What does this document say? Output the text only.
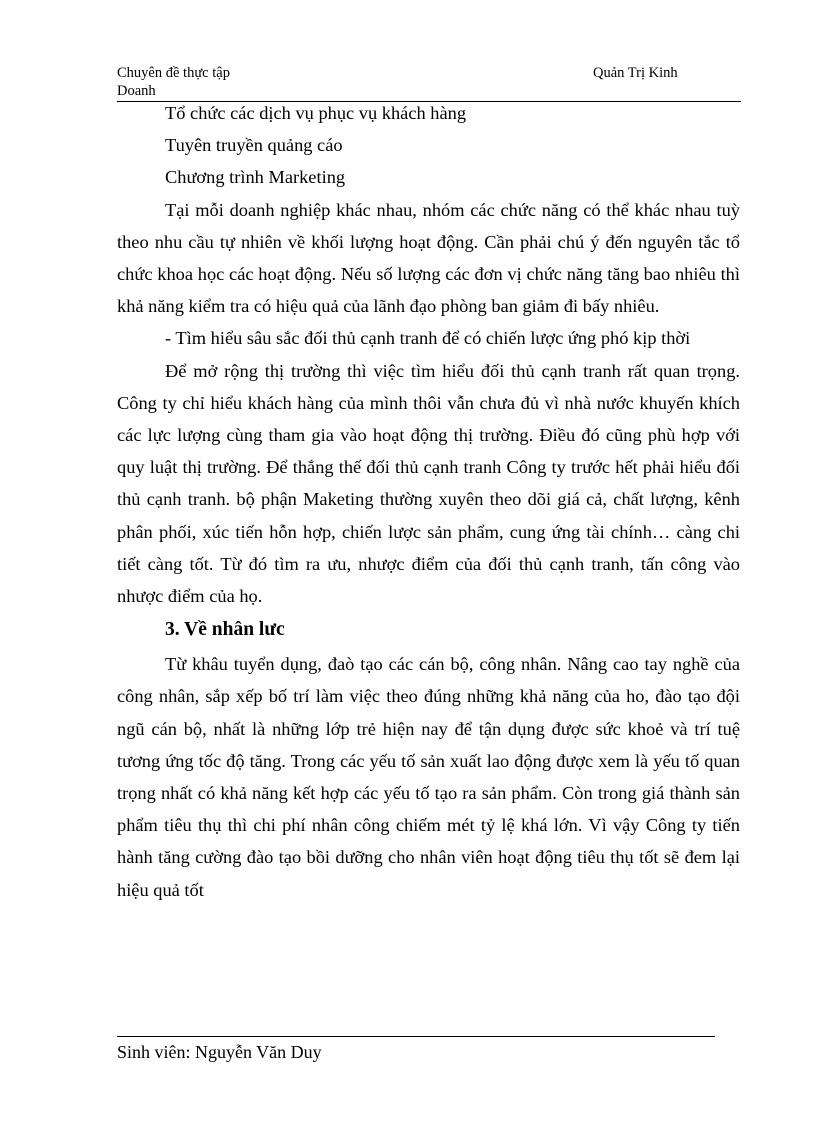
Chuyên đề thực tập
Doanh
Quản Trị Kinh

Tổ chức các dịch vụ phục vụ khách hàng

Tuyên truyền quảng cáo

Chương trình Marketing

Tại mỗi doanh nghiệp khác nhau, nhóm các chức năng có thể khác nhau tuỳ theo nhu cầu tự nhiên về khối lượng hoạt động. Cần phải chú ý đến nguyên tắc tổ chức khoa học các hoạt động. Nếu số lượng các đơn vị chức năng tăng bao nhiêu thì khả năng kiểm tra có hiệu quả của lãnh đạo phòng ban giảm đi bấy nhiêu.

- Tìm hiểu sâu sắc đối thủ cạnh tranh để có chiến lược ứng phó kịp thời

Để mở rộng thị trường thì việc tìm hiểu đối thủ cạnh tranh rất quan trọng. Công ty chỉ hiểu khách hàng của mình thôi vẫn chưa đủ vì nhà nước khuyến khích các lực lượng cùng tham gia vào hoạt động thị trường. Điều đó cũng phù hợp với quy luật thị trường. Để thắng thế đối thủ cạnh tranh Công ty trước hết phải hiểu đối thủ cạnh tranh. bộ phận Maketing thường xuyên theo dõi giá cả, chất lượng, kênh phân phối, xúc tiến hỗn hợp, chiến lược sản phẩm, cung ứng tài chính… càng chi tiết càng tốt. Từ đó tìm ra ưu, nhược điểm của đối thủ cạnh tranh, tấn công vào nhược điểm của họ.

3. Về nhân lưc

Từ khâu tuyển dụng, đaò tạo các cán bộ, công nhân. Nâng cao tay nghề của công nhân, sắp xếp bố trí làm việc theo đúng những khả năng của ho, đào tạo đội ngũ cán bộ, nhất là những lớp trẻ hiện nay để tận dụng được sức khoẻ và trí tuệ tương ứng tốc độ tăng. Trong các yếu tố sản xuất lao động được xem là yếu tố quan trọng nhất có khả năng kết hợp các yếu tố tạo ra sản phẩm. Còn trong giá thành sản phẩm tiêu thụ thì chi phí nhân công chiếm mét tỷ lệ khá lớn. Vì vậy Công ty tiến hành tăng cường đào tạo bồi dưỡng cho nhân viên hoạt động tiêu thụ tốt sẽ đem lại hiệu quả tốt

Sinh viên: Nguyễn Văn Duy
